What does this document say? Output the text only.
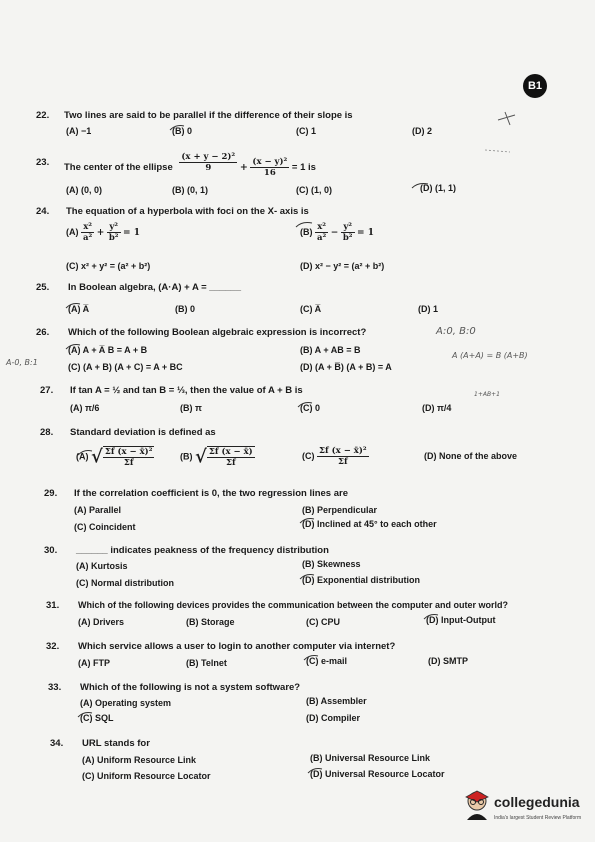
B1
22. Two lines are said to be parallel if the difference of their slope is
(A) −1	(B) 0	(C) 1	(D) 2
23. The center of the ellipse $\frac{\text{(x + y − 2)²}}{9} + \frac{\text{(x − y)²}}{16} = 1$ is
(A) (0, 0)	(B) (0, 1)	(C) (1, 0)	(D) (1, 1)
24. The equation of a hyperbola with foci on the X- axis is
$(A) \frac{\text{x²}}{\text{a²}} + \frac{\text{y²}}{\text{b²}} = 1$	$(B) \frac{\text{x²}}{\text{a²}} - \frac{\text{y²}}{\text{b²}} = 1$
(C) x² + y² = (a² + b²)	(D) x² − y² = (a² + b²)
25. In Boolean algebra, (A·A) + A = ______
(A) A̅	(B) 0	(C) A̅	(D) 1
26. Which of the following Boolean algebraic expression is incorrect?
(A) A + A̅ B = A + B	(B) A + AB = B
(C) (A + B) (A + C) = A + BC	(D) (A + B̅) (A + B) = A
27. If tan A = ½ and tan B = ⅓, then the value of A + B is
(A) π/6	(B) π	(C) 0	(D) π/4
28. Standard deviation is defined as
(A) √ $\frac{\text{Σf (x − x̄)²}}{\Sigma f}$	(B) √ $\frac{\Sigma f (x - x̄)}{\Sigma f}$	$(C) \frac{\text{Σf (x − x̄)²}}{\Sigma f}$	(D) None of the above
29. If the correlation coefficient is 0, the two regression lines are
(A) Parallel	(B) Perpendicular
(C) Coincident	(D) Inclined at 45° to each other
30. ______ indicates peakness of the frequency distribution
(A) Kurtosis	(B) Skewness
(C) Normal distribution	(D) Exponential distribution
31. Which of the following devices provides the communication between the computer and outer world?
(A) Drivers	(B) Storage	(C) CPU	(D) Input-Output
32. Which service allows a user to login to another computer via internet?
(A) FTP	(B) Telnet	(C) e-mail	(D) SMTP
33. Which of the following is not a system software?
(A) Operating system	(B) Assembler
(C) SQL	(D) Compiler
34. URL stands for
(A) Uniform Resource Link	(B) Universal Resource Link
(C) Uniform Resource Locator	(D) Universal Resource Locator
A:0, B:0
A (A+A) = B (A+B)
A-0, B:1
1+AB+1
collegedunia
India's largest Student Review Platform
